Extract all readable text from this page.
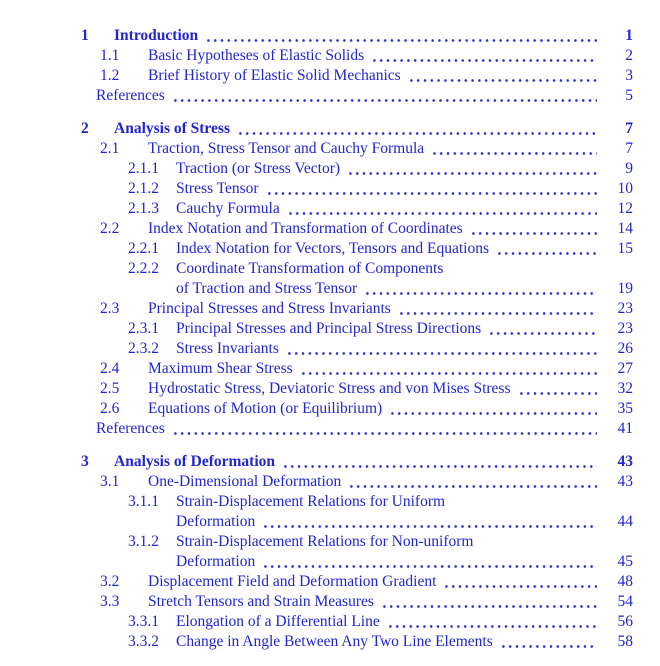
1	Introduction	1
1.1	Basic Hypotheses of Elastic Solids	2
1.2	Brief History of Elastic Solid Mechanics	3
References	5
2	Analysis of Stress	7
2.1	Traction, Stress Tensor and Cauchy Formula	7
2.1.1	Traction (or Stress Vector)	9
2.1.2	Stress Tensor	10
2.1.3	Cauchy Formula	12
2.2	Index Notation and Transformation of Coordinates	14
2.2.1	Index Notation for Vectors, Tensors and Equations	15
2.2.2	Coordinate Transformation of Components
of Traction and Stress Tensor	19
2.3	Principal Stresses and Stress Invariants	23
2.3.1	Principal Stresses and Principal Stress Directions	23
2.3.2	Stress Invariants	26
2.4	Maximum Shear Stress	27
2.5	Hydrostatic Stress, Deviatoric Stress and von Mises Stress	32
2.6	Equations of Motion (or Equilibrium)	35
References	41
3	Analysis of Deformation	43
3.1	One-Dimensional Deformation	43
3.1.1	Strain-Displacement Relations for Uniform
Deformation	44
3.1.2	Strain-Displacement Relations for Non-uniform
Deformation	45
3.2	Displacement Field and Deformation Gradient	48
3.3	Stretch Tensors and Strain Measures	54
3.3.1	Elongation of a Differential Line	56
3.3.2	Change in Angle Between Any Two Line Elements	58
